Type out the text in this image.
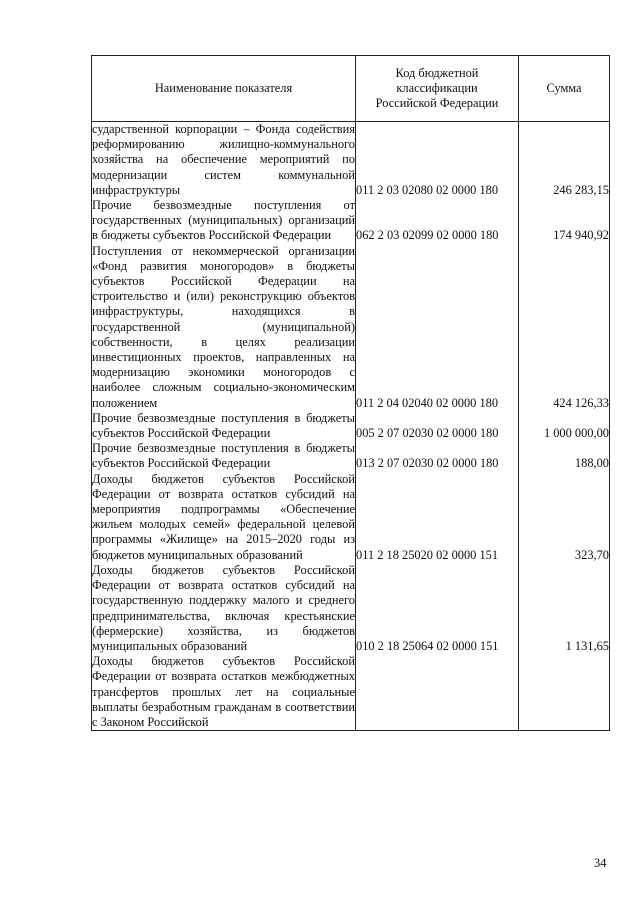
Наименование показателя	Код бюджетной классификации Российской Федерации	Сумма
сударственной корпорации – Фонда содействия реформированию жилищно-коммунального хозяйства на обеспечение мероприятий по модернизации систем коммунальной инфраструктуры	011 2 03 02080 02 0000 180	246 283,15
Прочие безвозмездные поступления от государственных (муниципальных) организаций в бюджеты субъектов Российской Федерации	062 2 03 02099 02 0000 180	174 940,92
Поступления от некоммерческой организации «Фонд развития моногородов» в бюджеты субъектов Российской Федерации на строительство и (или) реконструкцию объектов инфраструктуры, находящихся в государственной (муниципальной) собственности, в целях реализации инвестиционных проектов, направленных на модернизацию экономики моногородов с наиболее сложным социально-экономическим положением	011 2 04 02040 02 0000 180	424 126,33
Прочие безвозмездные поступления в бюджеты субъектов Российской Федерации	005 2 07 02030 02 0000 180	1 000 000,00
Прочие безвозмездные поступления в бюджеты субъектов Российской Федерации	013 2 07 02030 02 0000 180	188,00
Доходы бюджетов субъектов Российской Федерации от возврата остатков субсидий на мероприятия подпрограммы «Обеспечение жильем молодых семей» федеральной целевой программы «Жилище» на 2015–2020 годы из бюджетов муниципальных образований	011 2 18 25020 02 0000 151	323,70
Доходы бюджетов субъектов Российской Федерации от возврата остатков субсидий на государственную поддержку малого и среднего предпринимательства, включая крестьянские (фермерские) хозяйства, из бюджетов муниципальных образований	010 2 18 25064 02 0000 151	1 131,65
Доходы бюджетов субъектов Российской Федерации от возврата остатков межбюджетных трансфертов прошлых лет на социальные выплаты безработным гражданам в соответствии с Законом Российской		
34
